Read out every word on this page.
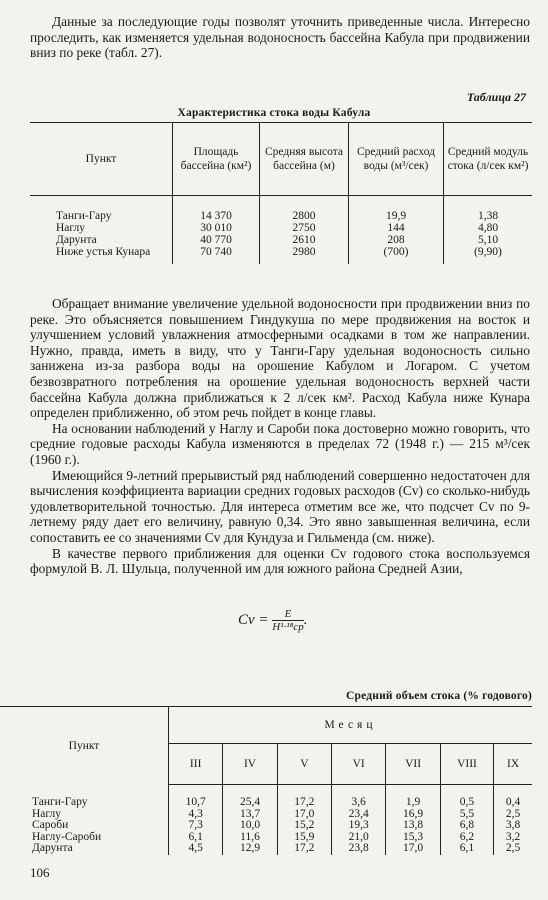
Данные за последующие годы позволят уточнить приведенные числа. Интересно проследить, как изменяется удельная водоносность бассейна Кабула при продвижении вниз по реке (табл. 27).

Таблица 27
Характеристика стока воды Кабула
Пункт	Площадь бассейна (км²)	Средняя высота бассейна (м)	Средний расход воды (м³/сек)	Средний модуль стока (л/сек км²)

Танги-Гару	14 370	2800	19,9	1,38
Наглу	30 010	2750	144	4,80
Дарунта	40 770	2610	208	5,10
Ниже устья Кунара	70 740	2980	(700)	(9,90)

Обращает внимание увеличение удельной водоносности при продвижении вниз по реке. Это объясняется повышением Гиндукуша по мере продвижения на восток и улучшением условий увлажнения атмосферными осадками в том же направлении. Нужно, правда, иметь в виду, что у Танги-Гару удельная водоносность сильно занижена из-за разбора воды на орошение Кабулом и Логаром. С учетом безвозвратного потребления на орошение удельная водоносность верхней части бассейна Кабула должна приближаться к 2 л/сек км². Расход Кабула ниже Кунара определен приближенно, об этом речь пойдет в конце главы.

На основании наблюдений у Наглу и Сароби пока достоверно можно говорить, что средние годовые расходы Кабула изменяются в пределах 72 (1948 г.) — 215 м³/сек (1960 г.).

Имеющийся 9-летний прерывистый ряд наблюдений совершенно недостаточен для вычисления коэффициента вариации средних годовых расходов (Cv) со сколько-нибудь удовлетворительной точностью. Для интереса отметим все же, что подсчет Cv по 9-летнему ряду дает его величину, равную 0,34. Это явно завышенная величина, если сопоставить ее со значениями Cv для Кундуза и Гильменда (см. ниже).

В качестве первого приближения для оценки Cv годового стока воспользуемся формулой В. Л. Шульца, полученной им для южного района Средней Азии,

$Cv = \frac{E}{\text{H¹·¹⁸ср}}$ .
Средний объем стока (% годового)
Пункт	Месяц						
	III	IV	V	VI	VII	VIII	IX

Танги-Гару	10,7	25,4	17,2	3,6	1,9	0,5	0,4
Наглу	4,3	13,7	17,0	23,4	16,9	5,5	2,5
Сароби	7,3	10,0	15,2	19,3	13,8	6,8	3,8
Наглу-Сароби	6,1	11,6	15,9	21,0	15,3	6,2	3,2
Дарунта	4,5	12,9	17,2	23,8	17,0	6,1	2,5
106
